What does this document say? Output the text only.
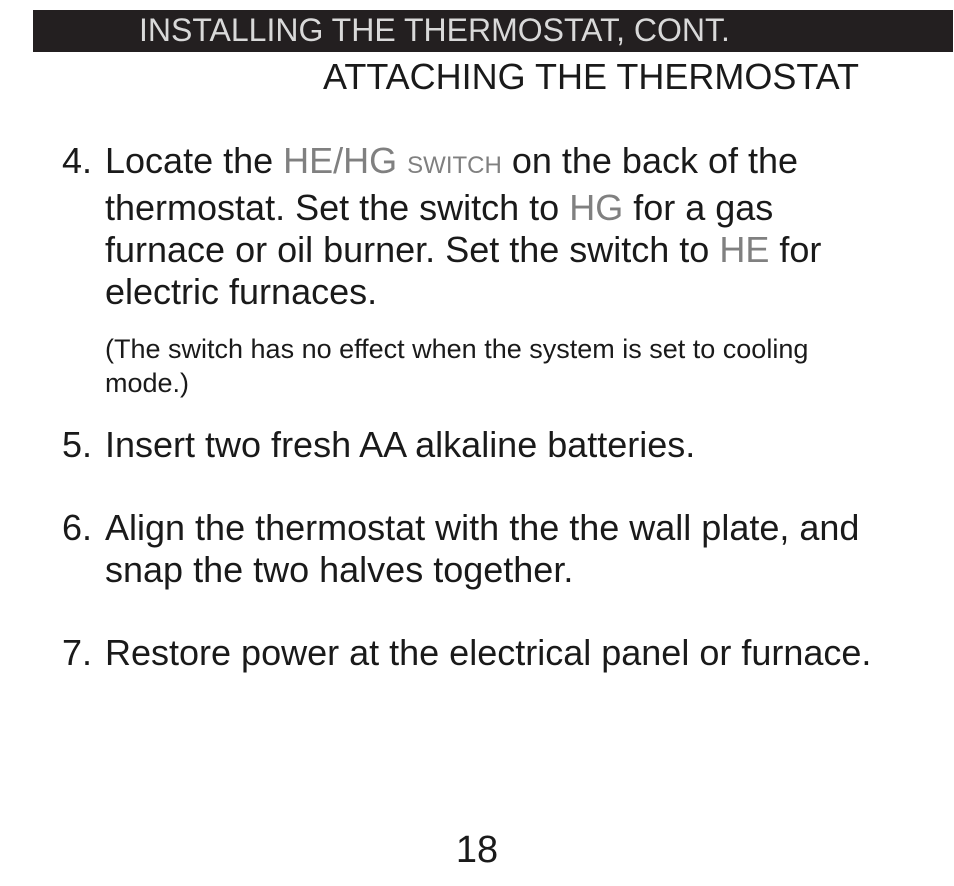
INSTALLING THE THERMOSTAT, CONT.
ATTACHING THE THERMOSTAT
4. Locate the HE/HG SWITCH on the back of the thermostat. Set the switch to HG for a gas furnace or oil burner. Set the switch to HE for electric furnaces.
(The switch has no effect when the system is set to cooling mode.)
5. Insert two fresh AA alkaline batteries.
6. Align the thermostat with the the wall plate, and snap the two halves together.
7. Restore power at the electrical panel or furnace.
18
